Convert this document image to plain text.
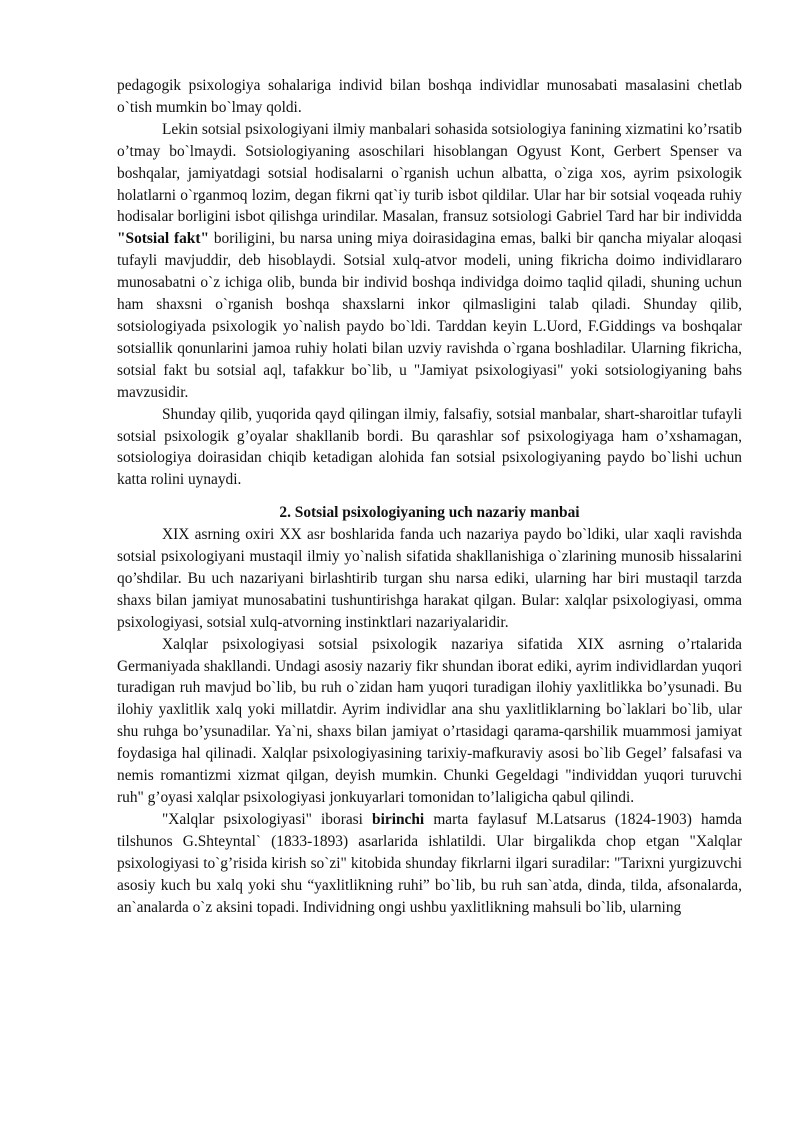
pedagogik psixologiya sohalariga individ bilan boshqa individlar munosabati masalasini chetlab o`tish mumkin bo`lmay qoldi.

Lekin sotsial psixologiyani ilmiy manbalari sohasida sotsiologiya fanining xizmatini ko’rsatib o’tmay bo`lmaydi. Sotsiologiyaning asoschilari hisoblangan Ogyust Kont, Gerbert Spenser va boshqalar, jamiyatdagi sotsial hodisalarni o`rganish uchun albatta, o`ziga xos, ayrim psixologik holatlarni o`rganmoq lozim, degan fikrni qat`iy turib isbot qildilar. Ular har bir sotsial voqeada ruhiy hodisalar borligini isbot qilishga urindilar. Masalan, fransuz sotsiologi Gabriel Tard har bir individda "Sotsial fakt" boriligini, bu narsa uning miya doirasidagina emas, balki bir qancha miyalar aloqasi tufayli mavjuddir, deb hisoblaydi. Sotsial xulq-atvor modeli, uning fikricha doimo individlararo munosabatni o`z ichiga olib, bunda bir individ boshqa individga doimo taqlid qiladi, shuning uchun ham shaxsni o`rganish boshqa shaxslarni inkor qilmasligini talab qiladi. Shunday qilib, sotsiologiyada psixologik yo`nalish paydo bo`ldi. Tarddan keyin L.Uord, F.Giddings va boshqalar sotsiallik qonunlarini jamoa ruhiy holati bilan uzviy ravishda o`rgana boshladilar. Ularning fikricha, sotsial fakt bu sotsial aql, tafakkur bo`lib, u "Jamiyat psixologiyasi" yoki sotsiologiyaning bahs mavzusidir.

Shunday qilib, yuqorida qayd qilingan ilmiy, falsafiy, sotsial manbalar, shart-sharoitlar tufayli sotsial psixologik g’oyalar shakllanib bordi. Bu qarashlar sof psixologiyaga ham o’xshamagan, sotsiologiya doirasidan chiqib ketadigan alohida fan sotsial psixologiyaning paydo bo`lishi uchun katta rolini uynaydi.

2. Sotsial psixologiyaning uch nazariy manbai

XIX asrning oxiri XX asr boshlarida fanda uch nazariya paydo bo`ldiki, ular xaqli ravishda sotsial psixologiyani mustaqil ilmiy yo`nalish sifatida shakllanishiga o`zlarining munosib hissalarini qo’shdilar. Bu uch nazariyani birlashtirib turgan shu narsa ediki, ularning har biri mustaqil tarzda shaxs bilan jamiyat munosabatini tushuntirishga harakat qilgan. Bular: xalqlar psixologiyasi, omma psixologiyasi, sotsial xulq-atvorning instinktlari nazariyalaridir.

Xalqlar psixologiyasi sotsial psixologik nazariya sifatida XIX asrning o’rtalarida Germaniyada shakllandi. Undagi asosiy nazariy fikr shundan iborat ediki, ayrim individlardan yuqori turadigan ruh mavjud bo`lib, bu ruh o`zidan ham yuqori turadigan ilohiy yaxlitlikka bo’ysunadi. Bu ilohiy yaxlitlik xalq yoki millatdir. Ayrim individlar ana shu yaxlitliklarning bo`laklari bo`lib, ular shu ruhga bo’ysunadilar. Ya`ni, shaxs bilan jamiyat o’rtasidagi qarama-qarshilik muammosi jamiyat foydasiga hal qilinadi. Xalqlar psixologiyasining tarixiy-mafkuraviy asosi bo`lib Gegel’ falsafasi va nemis romantizmi xizmat qilgan, deyish mumkin. Chunki Gegeldagi "individdan yuqori turuvchi ruh" g’oyasi xalqlar psixologiyasi jonkuyarlari tomonidan to’laligicha qabul qilindi.

"Xalqlar psixologiyasi" iborasi birinchi marta faylasuf M.Latsarus (1824-1903) hamda tilshunos G.Shteyntal` (1833-1893) asarlarida ishlatildi. Ular birgalikda chop etgan "Xalqlar psixologiyasi to`g’risida kirish so`zi" kitobida shunday fikrlarni ilgari suradilar: "Tarixni yurgizuvchi asosiy kuch bu xalq yoki shu “yaxlitlikning ruhi” bo`lib, bu ruh san`atda, dinda, tilda, afsonalarda, an`analarda o`z aksini topadi. Individning ongi ushbu yaxlitlikning mahsuli bo`lib, ularning
